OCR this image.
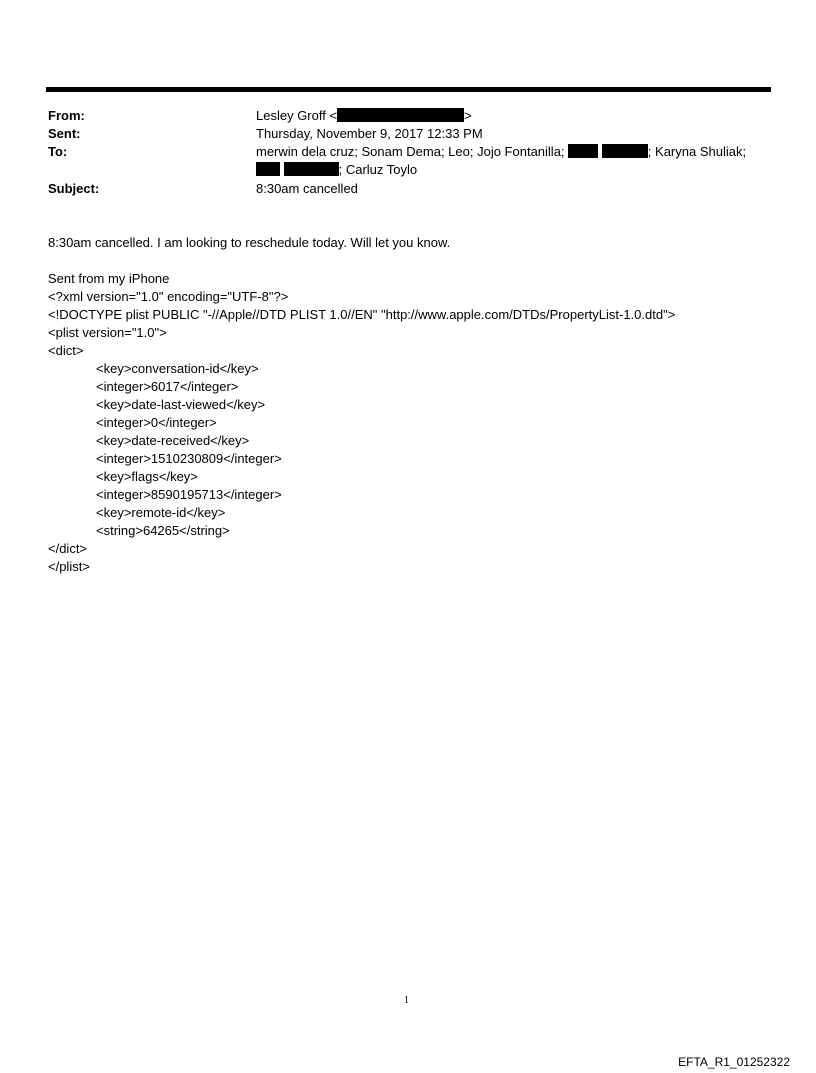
From:	Lesley Groff <	>
Sent:	Thursday, November 9, 2017 12:33 PM
To:	merwin dela cruz; Sonam Dema; Leo; Jojo Fontanilla;	; Karyna Shuliak;
; Carluz Toylo
Subject:	8:30am cancelled
8:30am cancelled. I am looking to reschedule today. Will let you know.
Sent from my iPhone
<?xml version="1.0" encoding="UTF-8"?>
<!DOCTYPE plist PUBLIC "-//Apple//DTD PLIST 1.0//EN" "http://www.apple.com/DTDs/PropertyList-1.0.dtd">
<plist version="1.0">
<dict>
<key>conversation-id</key>
<integer>6017</integer>
<key>date-last-viewed</key>
<integer>0</integer>
<key>date-received</key>
<integer>1510230809</integer>
<key>flags</key>
<integer>8590195713</integer>
<key>remote-id</key>
<string>64265</string>
</dict>
</plist>
1
EFTA_R1_01252322
